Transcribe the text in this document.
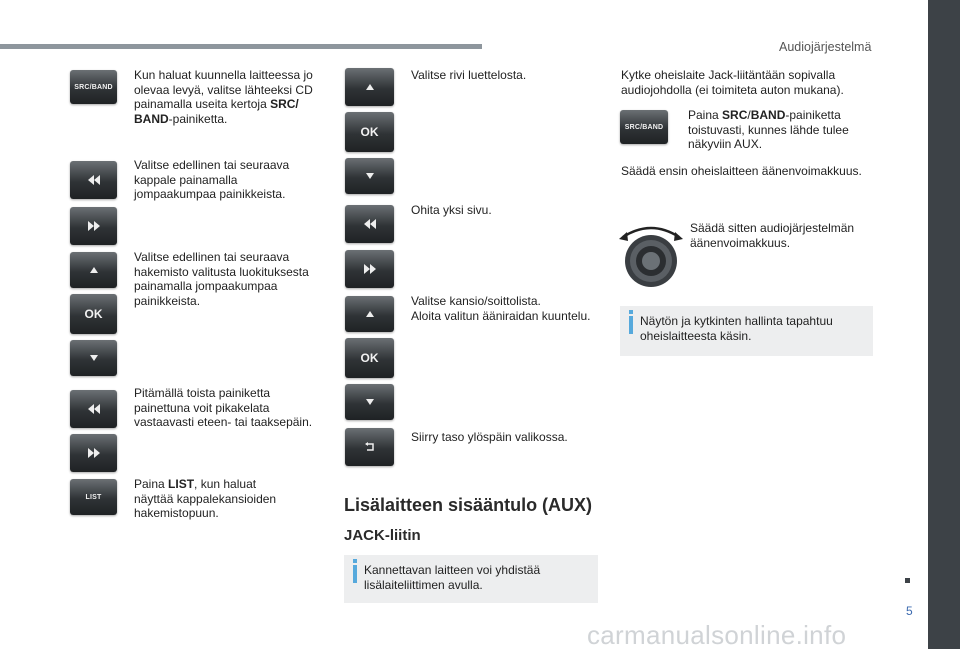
Audiojärjestelmä
5
carmanualsonline.info
SRC/BAND
Kun haluat kuunnella laitteessa jo
olevaa levyä, valitse lähteeksi CD
painamalla useita kertoja SRC/
BAND-painiketta.
Valitse edellinen tai seuraava
kappale painamalla
jompaakumpaa painikkeista.
OK
Valitse edellinen tai seuraava
hakemisto valitusta luokituksesta
painamalla jompaakumpaa
painikkeista.
Pitämällä toista painiketta
painettuna voit pikakelata
vastaavasti eteen- tai taaksepäin.
LIST
Paina LIST, kun haluat
näyttää kappalekansioiden
hakemistopuun.
OK
Valitse rivi luettelosta.
Ohita yksi sivu.
OK
Valitse kansio/soittolista.
Aloita valitun ääniraidan kuuntelu.
Siirry taso ylöspäin valikossa.
Lisälaitteen sisääntulo (AUX)
JACK-liitin
Kannettavan laitteen voi yhdistää
lisälaiteliittimen avulla.
Kytke oheislaite Jack-liitäntään sopivalla
audiojohdolla (ei toimiteta auton mukana).
SRC/BAND
Paina SRC/BAND-painiketta
toistuvasti, kunnes lähde tulee
näkyviin AUX.
Säädä ensin oheislaitteen äänenvoimakkuus.
Säädä sitten audiojärjestelmän
äänenvoimakkuus.
Näytön ja kytkinten hallinta tapahtuu
oheislaitteesta käsin.
